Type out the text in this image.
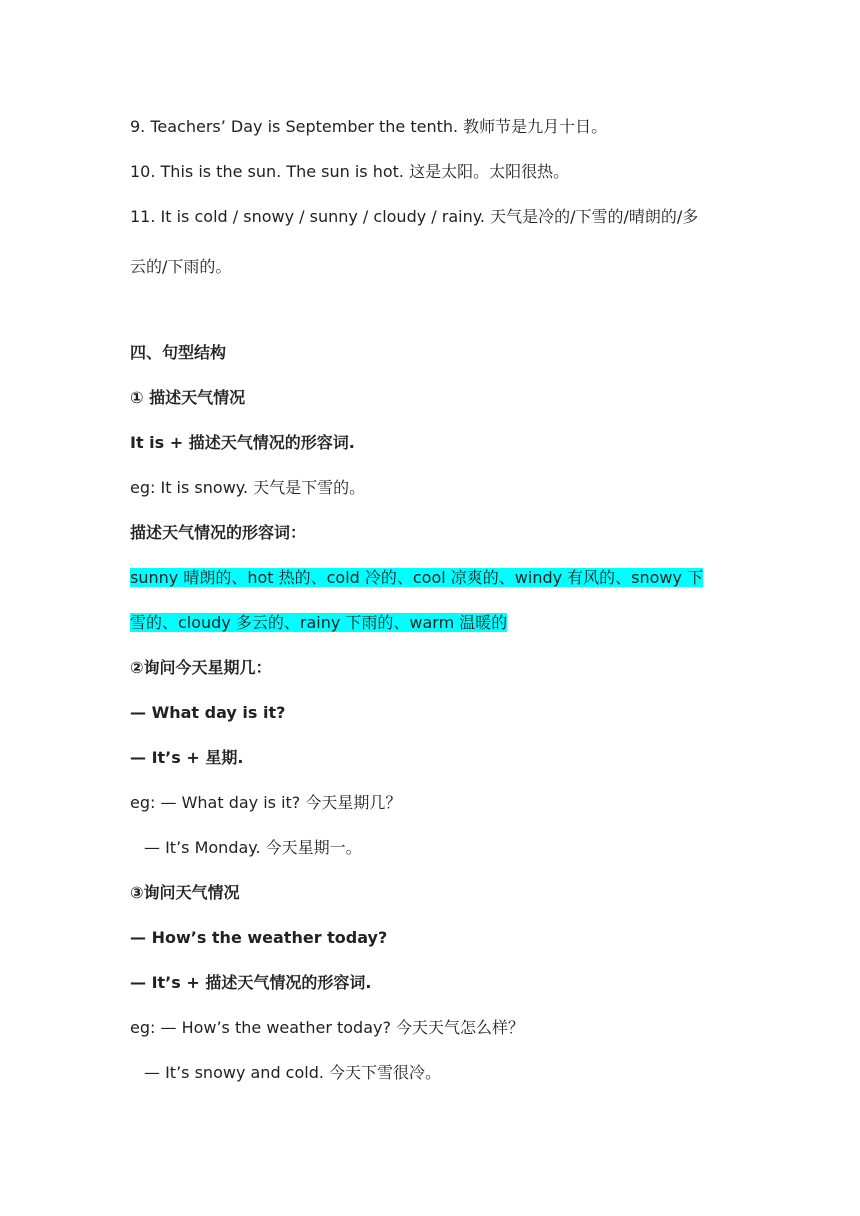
9. Teachers’ Day is September the tenth. 教师节是九月十日。
10. This is the sun. The sun is hot. 这是太阳。太阳很热。
11. It is cold / snowy / sunny / cloudy / rainy. 天气是冷的/下雪的/晴朗的/多
云的/下雨的。
四、句型结构
① 描述天气情况
It is + 描述天气情况的形容词.
eg: It is snowy. 天气是下雪的。
描述天气情况的形容词：
sunny 晴朗的、hot 热的、cold 冷的、cool 凉爽的、windy 有风的、snowy 下
雪的、cloudy 多云的、rainy 下雨的、warm 温暖的
②询问今天星期几：
— What day is it?
— It’s + 星期.
eg: — What day is it? 今天星期几？
— It’s Monday. 今天星期一。
③询问天气情况
— How’s the weather today?
— It’s + 描述天气情况的形容词.
eg: — How’s the weather today? 今天天气怎么样？
— It’s snowy and cold. 今天下雪很冷。
